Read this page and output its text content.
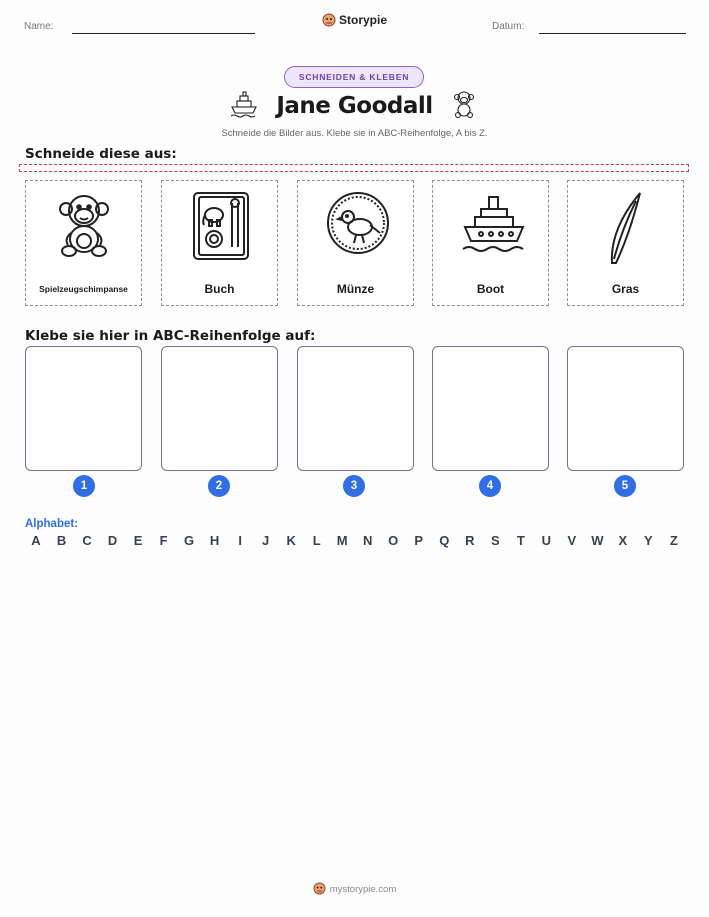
Name:	Storypie	Datum:
SCHNEIDEN & KLEBEN
Jane Goodall
Schneide die Bilder aus. Klebe sie in ABC-Reihenfolge, A bis Z.
Schneide diese aus:
Spielzeugschimpanse	Buch	Münze	Boot	Gras
Klebe sie hier in ABC-Reihenfolge auf:
1	2	3	4	5
Alphabet:
A	B	C	D	E	F	G	H	I	J	K	L	M	N	O	P	Q	R	S	T	U	V	W	X	Y	Z
mystorypie.com
